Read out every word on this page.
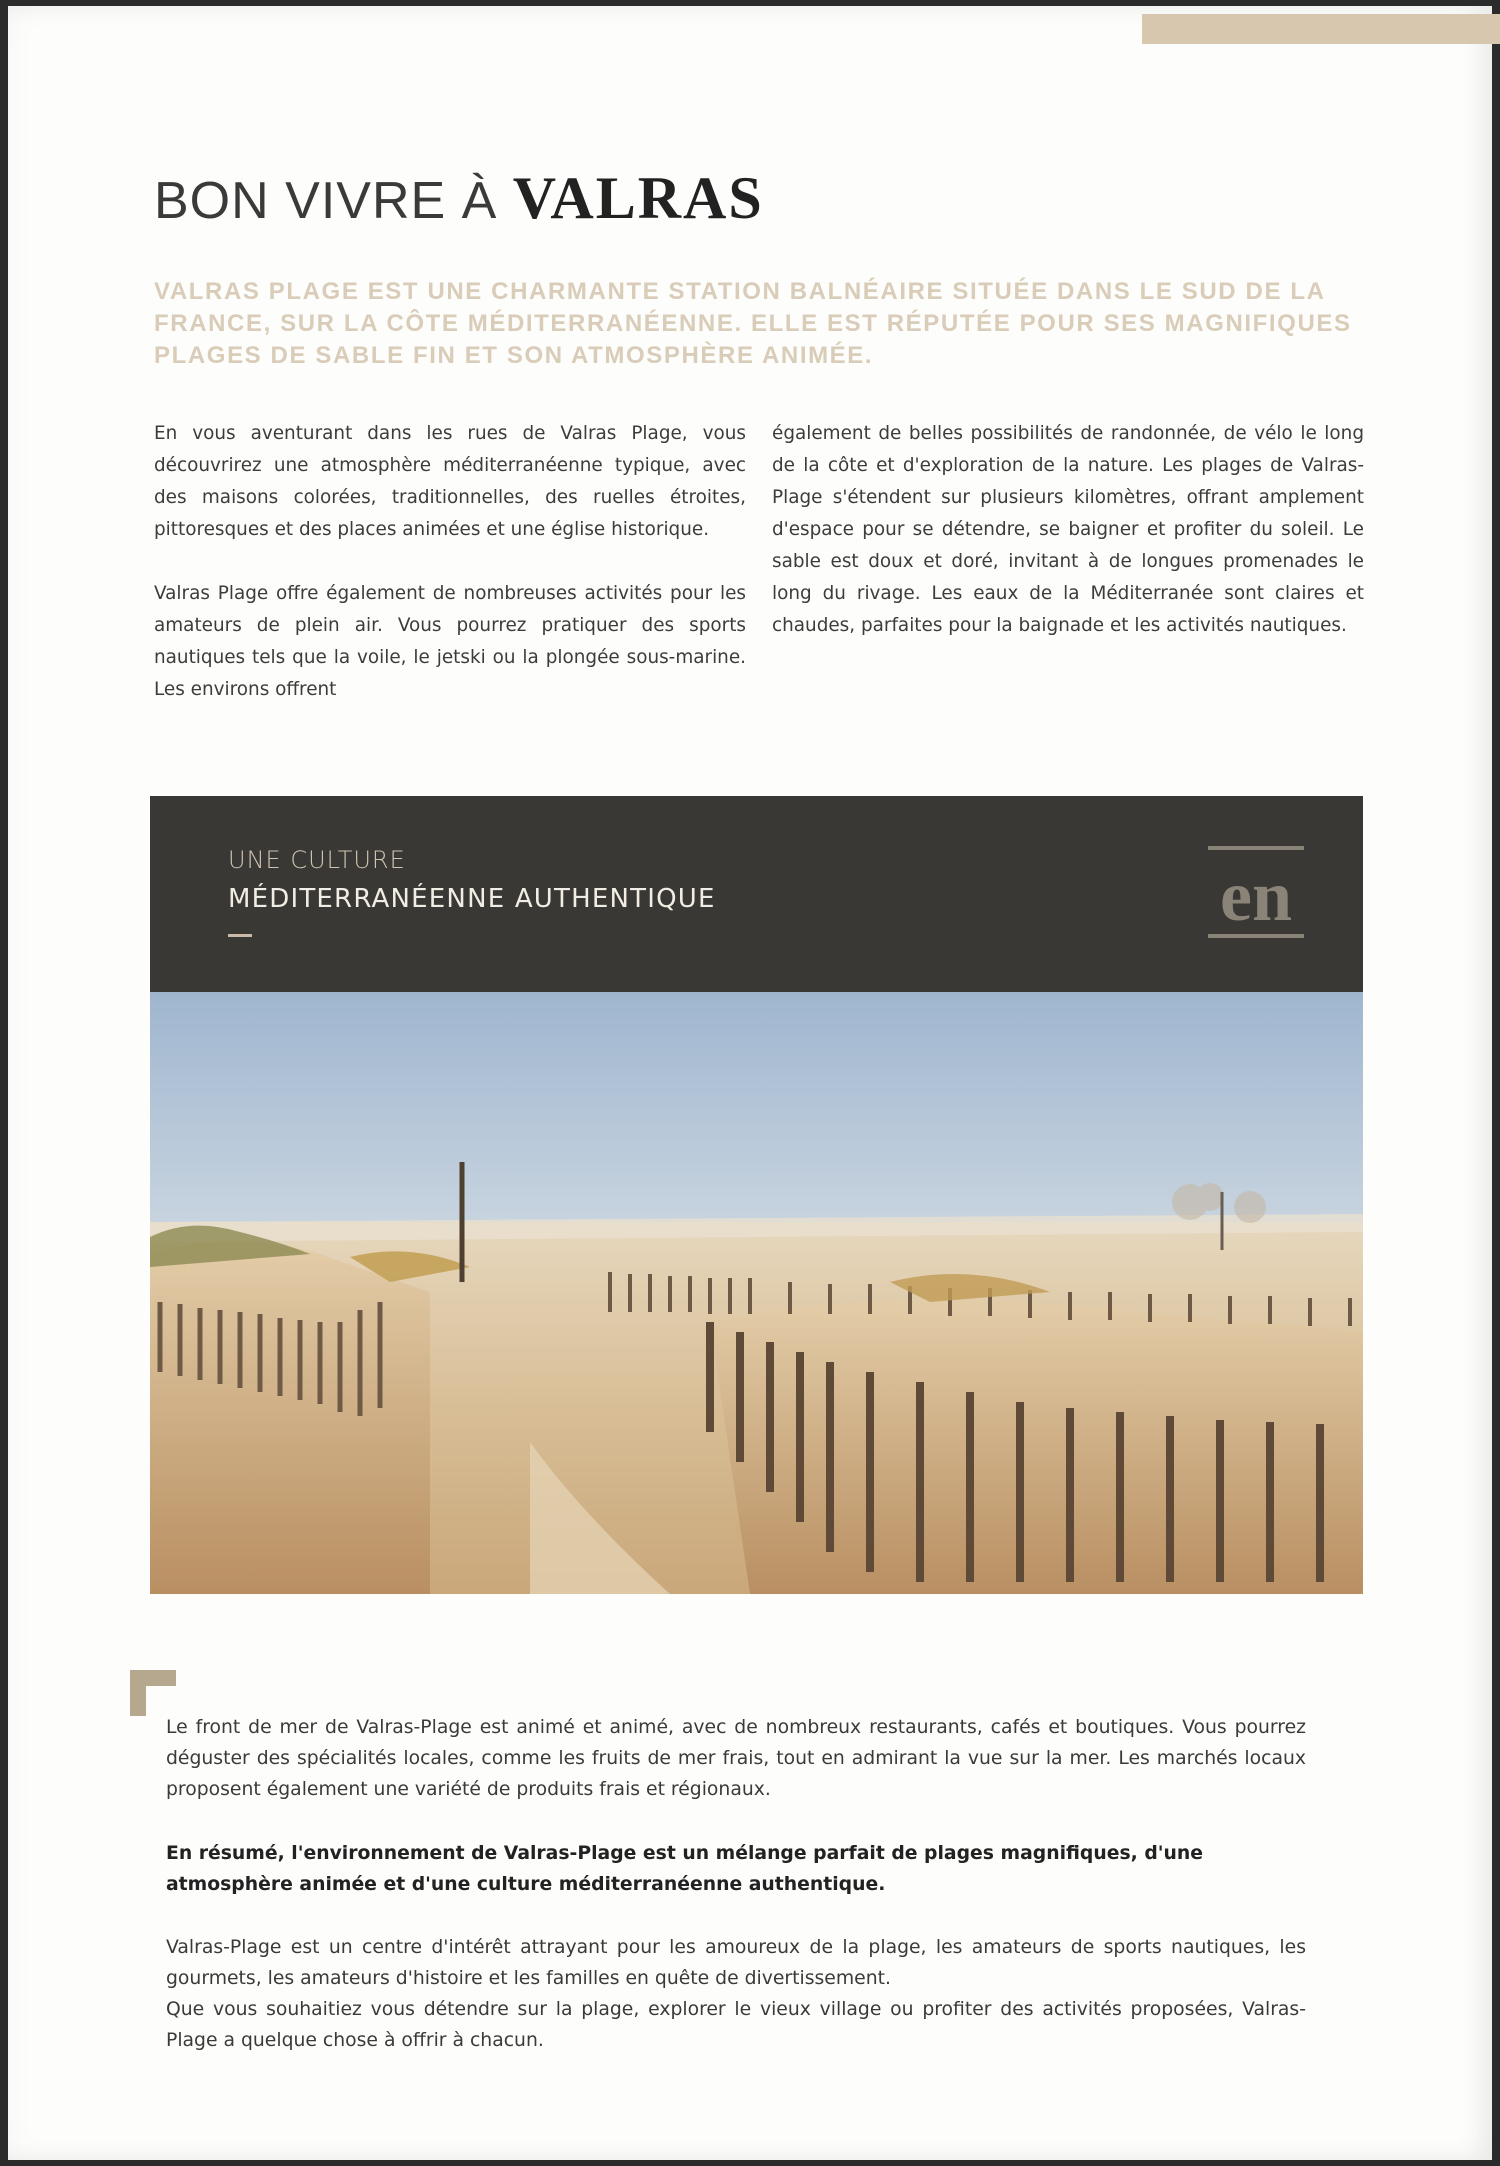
BON VIVRE À VALRAS

VALRAS PLAGE EST UNE CHARMANTE STATION BALNÉAIRE SITUÉE DANS LE SUD DE LA FRANCE, SUR LA CÔTE MÉDITERRANÉENNE. ELLE EST RÉPUTÉE POUR SES MAGNIFIQUES PLAGES DE SABLE FIN ET SON ATMOSPHÈRE ANIMÉE.

En vous aventurant dans les rues de Valras Plage, vous découvrirez une atmosphère méditerranéenne typique, avec des maisons colorées, traditionnelles, des ruelles étroites, pittoresques et des places animées et une église historique.

Valras Plage offre également de nombreuses activités pour les amateurs de plein air. Vous pourrez pratiquer des sports nautiques tels que la voile, le jetski ou la plongée sous-marine. Les environs offrent

également de belles possibilités de randonnée, de vélo le long de la côte et d'exploration de la nature. Les plages de Valras-Plage s'étendent sur plusieurs kilomètres, offrant amplement d'espace pour se détendre, se baigner et profiter du soleil. Le sable est doux et doré, invitant à de longues promenades le long du rivage. Les eaux de la Méditerranée sont claires et chaudes, parfaites pour la baignade et les activités nautiques.

UNE CULTURE
MÉDITERRANÉENNE AUTHENTIQUE	en

Le front de mer de Valras-Plage est animé et animé, avec de nombreux restaurants, cafés et boutiques. Vous pourrez déguster des spécialités locales, comme les fruits de mer frais, tout en admirant la vue sur la mer. Les marchés locaux proposent également une variété de produits frais et régionaux.

En résumé, l'environnement de Valras-Plage est un mélange parfait de plages magnifiques, d'une atmosphère animée et d'une culture méditerranéenne authentique.

Valras-Plage est un centre d'intérêt attrayant pour les amoureux de la plage, les amateurs de sports nautiques, les gourmets, les amateurs d'histoire et les familles en quête de divertissement.

Que vous souhaitiez vous détendre sur la plage, explorer le vieux village ou profiter des activités proposées, Valras-Plage a quelque chose à offrir à chacun.
